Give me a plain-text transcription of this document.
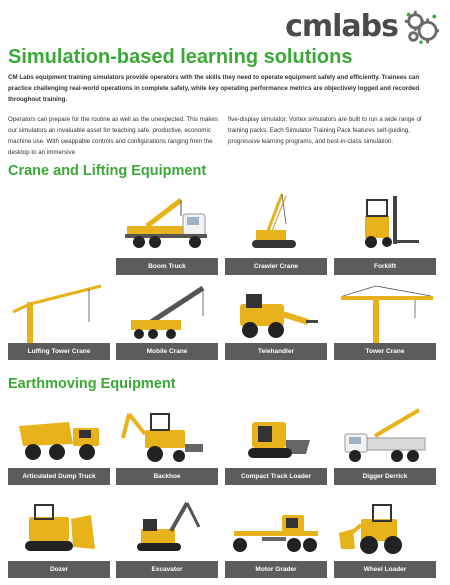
cmlabs
Simulation-based learning solutions

CM Labs equipment training simulators provide operators with the skills they need to operate equipment safely and efficiently. Trainees can practice challenging real-world operations in complete safety, while key operating performance metrics are objectively logged and recorded throughout training.

Operators can prepare for the routine as well as the unexpected. This makes our simulators an invaluable asset for teaching safe, productive, economic machine use. With swappable controls and configurations ranging from the desktop to an immersive

five-display simulator, Vortex simulators are built to run a wide range of training packs. Each Simulator Training Pack features self-guiding, progressive learning programs, and best-in-class simulation.

Crane and Lifting Equipment
Boom Truck	Crawler Crane	Forklift
Luffing Tower Crane	Mobile Crane	Telehandler	Tower Crane
Earthmoving Equipment
Articulated Dump Truck	Backhoe	Compact Track Loader	Digger Derrick
Dozer	Excavator	Motor Grader	Wheel Loader
